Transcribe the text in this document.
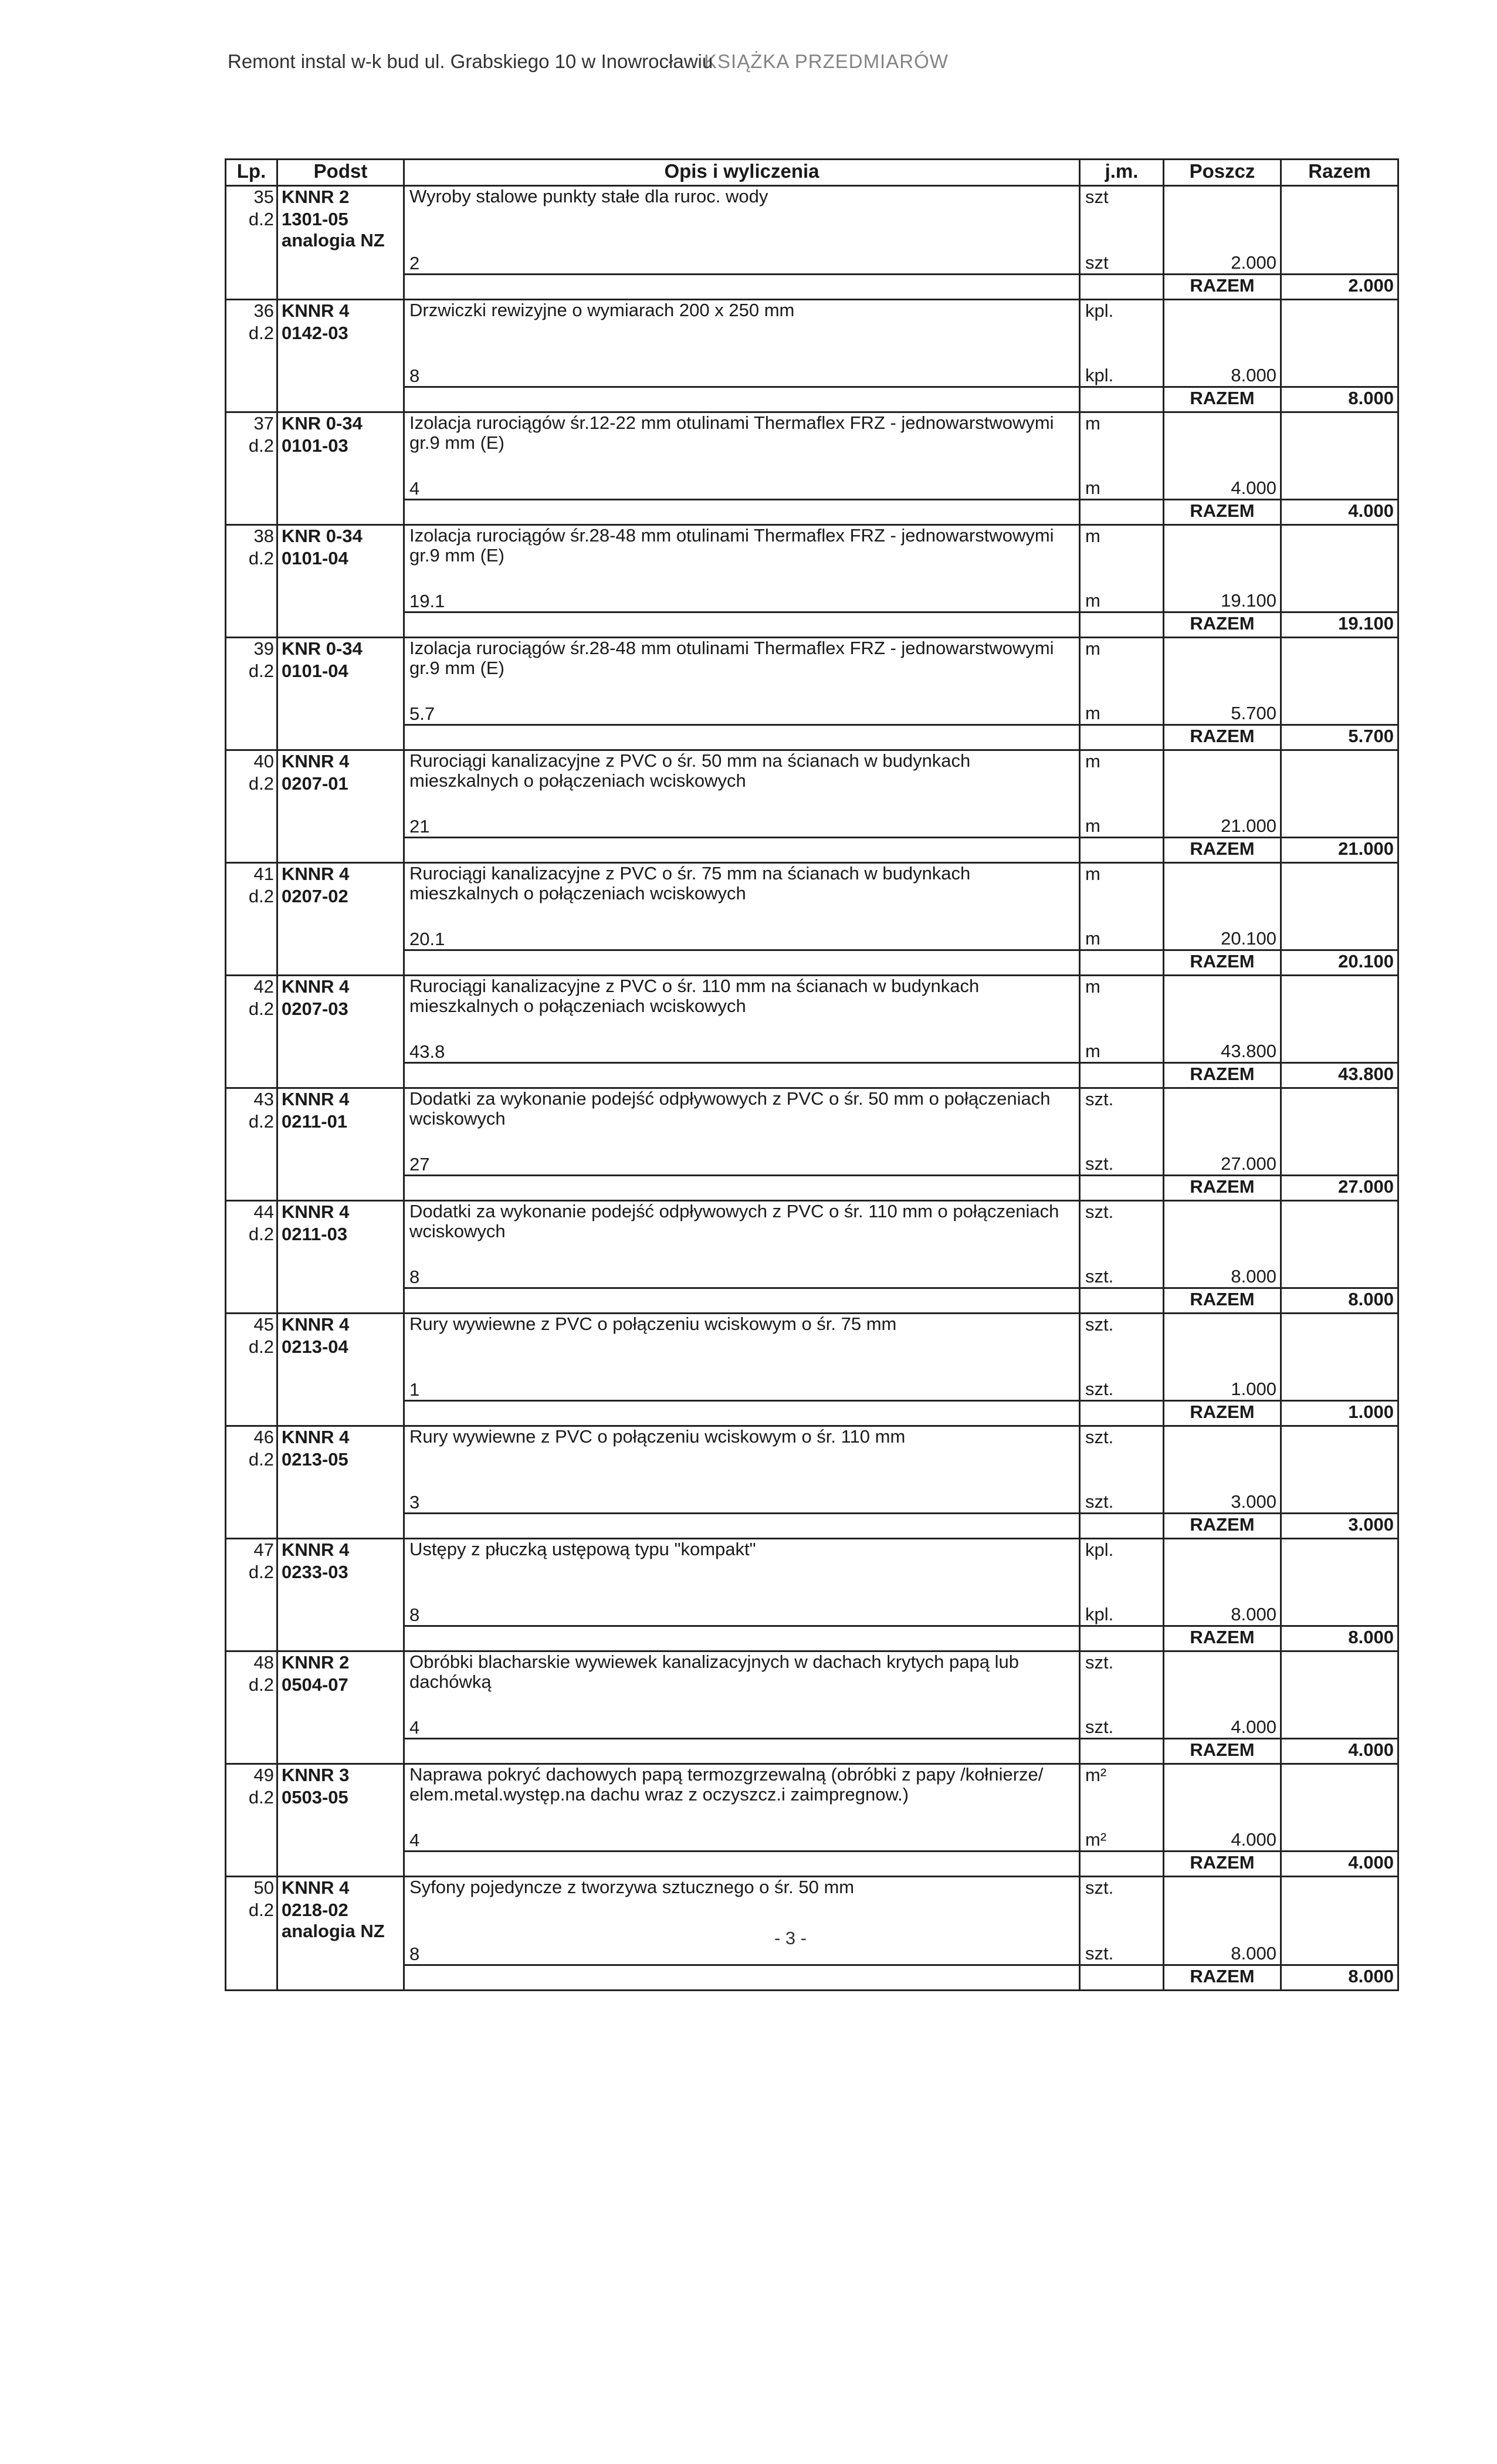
Remont instal w-k bud ul. Grabskiego 10 w Inowrocławiu
KSIĄŻKA PRZEDMIARÓW
Lp.	Podst	Opis i wyliczenia	j.m.	Poszcz	Razem
35	KNNR 2	Wyroby stalowe punkty stałe dla ruroc. wody	szt		
d.2	1301-05				
	analogia NZ				
		2	szt	2.000	
				RAZEM	2.000
36	KNNR 4	Drzwiczki rewizyjne o wymiarach 200 x 250 mm	kpl.		
d.2	0142-03				

		8	kpl.	8.000	
				RAZEM	8.000
37	KNR 0-34	Izolacja rurociągów śr.12-22 mm otulinami Thermaflex FRZ - jednowarstwowymi gr.9 mm (E)	m		
d.2	0101-03				

		4	m	4.000	
				RAZEM	4.000
38	KNR 0-34	Izolacja rurociągów śr.28-48 mm otulinami Thermaflex FRZ - jednowarstwowymi gr.9 mm (E)	m		
d.2	0101-04				

		19.1	m	19.100	
				RAZEM	19.100
39	KNR 0-34	Izolacja rurociągów śr.28-48 mm otulinami Thermaflex FRZ - jednowarstwowymi gr.9 mm (E)	m		
d.2	0101-04				

		5.7	m	5.700	
				RAZEM	5.700
40	KNNR 4	Rurociągi kanalizacyjne z PVC o śr. 50 mm na ścianach w budynkach mieszkalnych o połączeniach wciskowych	m		
d.2	0207-01				

		21	m	21.000	
				RAZEM	21.000
41	KNNR 4	Rurociągi kanalizacyjne z PVC o śr. 75 mm na ścianach w budynkach mieszkalnych o połączeniach wciskowych	m		
d.2	0207-02				

		20.1	m	20.100	
				RAZEM	20.100
42	KNNR 4	Rurociągi kanalizacyjne z PVC o śr. 110 mm na ścianach w budynkach mieszkalnych o połączeniach wciskowych	m		
d.2	0207-03				

		43.8	m	43.800	
				RAZEM	43.800
43	KNNR 4	Dodatki za wykonanie podejść odpływowych z PVC o śr. 50 mm o połączeniach wciskowych	szt.		
d.2	0211-01				

		27	szt.	27.000	
				RAZEM	27.000
44	KNNR 4	Dodatki za wykonanie podejść odpływowych z PVC o śr. 110 mm o połączeniach wciskowych	szt.		
d.2	0211-03				

		8	szt.	8.000	
				RAZEM	8.000
45	KNNR 4	Rury wywiewne z PVC o połączeniu wciskowym o śr. 75 mm	szt.		
d.2	0213-04				

		1	szt.	1.000	
				RAZEM	1.000
46	KNNR 4	Rury wywiewne z PVC o połączeniu wciskowym o śr. 110 mm	szt.		
d.2	0213-05				

		3	szt.	3.000	
				RAZEM	3.000
47	KNNR 4	Ustępy z płuczką ustępową typu "kompakt"	kpl.		
d.2	0233-03				

		8	kpl.	8.000	
				RAZEM	8.000
48	KNNR 2	Obróbki blacharskie wywiewek kanalizacyjnych w dachach krytych papą lub dachówką	szt.		
d.2	0504-07				

		4	szt.	4.000	
				RAZEM	4.000
49	KNNR 3	Naprawa pokryć dachowych papą termozgrzewalną (obróbki z papy /kołnierze/ elem.metal.występ.na dachu wraz z oczyszcz.i zaimpregnow.)	m²		
d.2	0503-05				

		4	m²	4.000	
				RAZEM	4.000
50	KNNR 4	Syfony pojedyncze z tworzywa sztucznego o śr. 50 mm	szt.		
d.2	0218-02				
	analogia NZ				
		8	szt.	8.000	
				RAZEM	8.000
- 3 -
